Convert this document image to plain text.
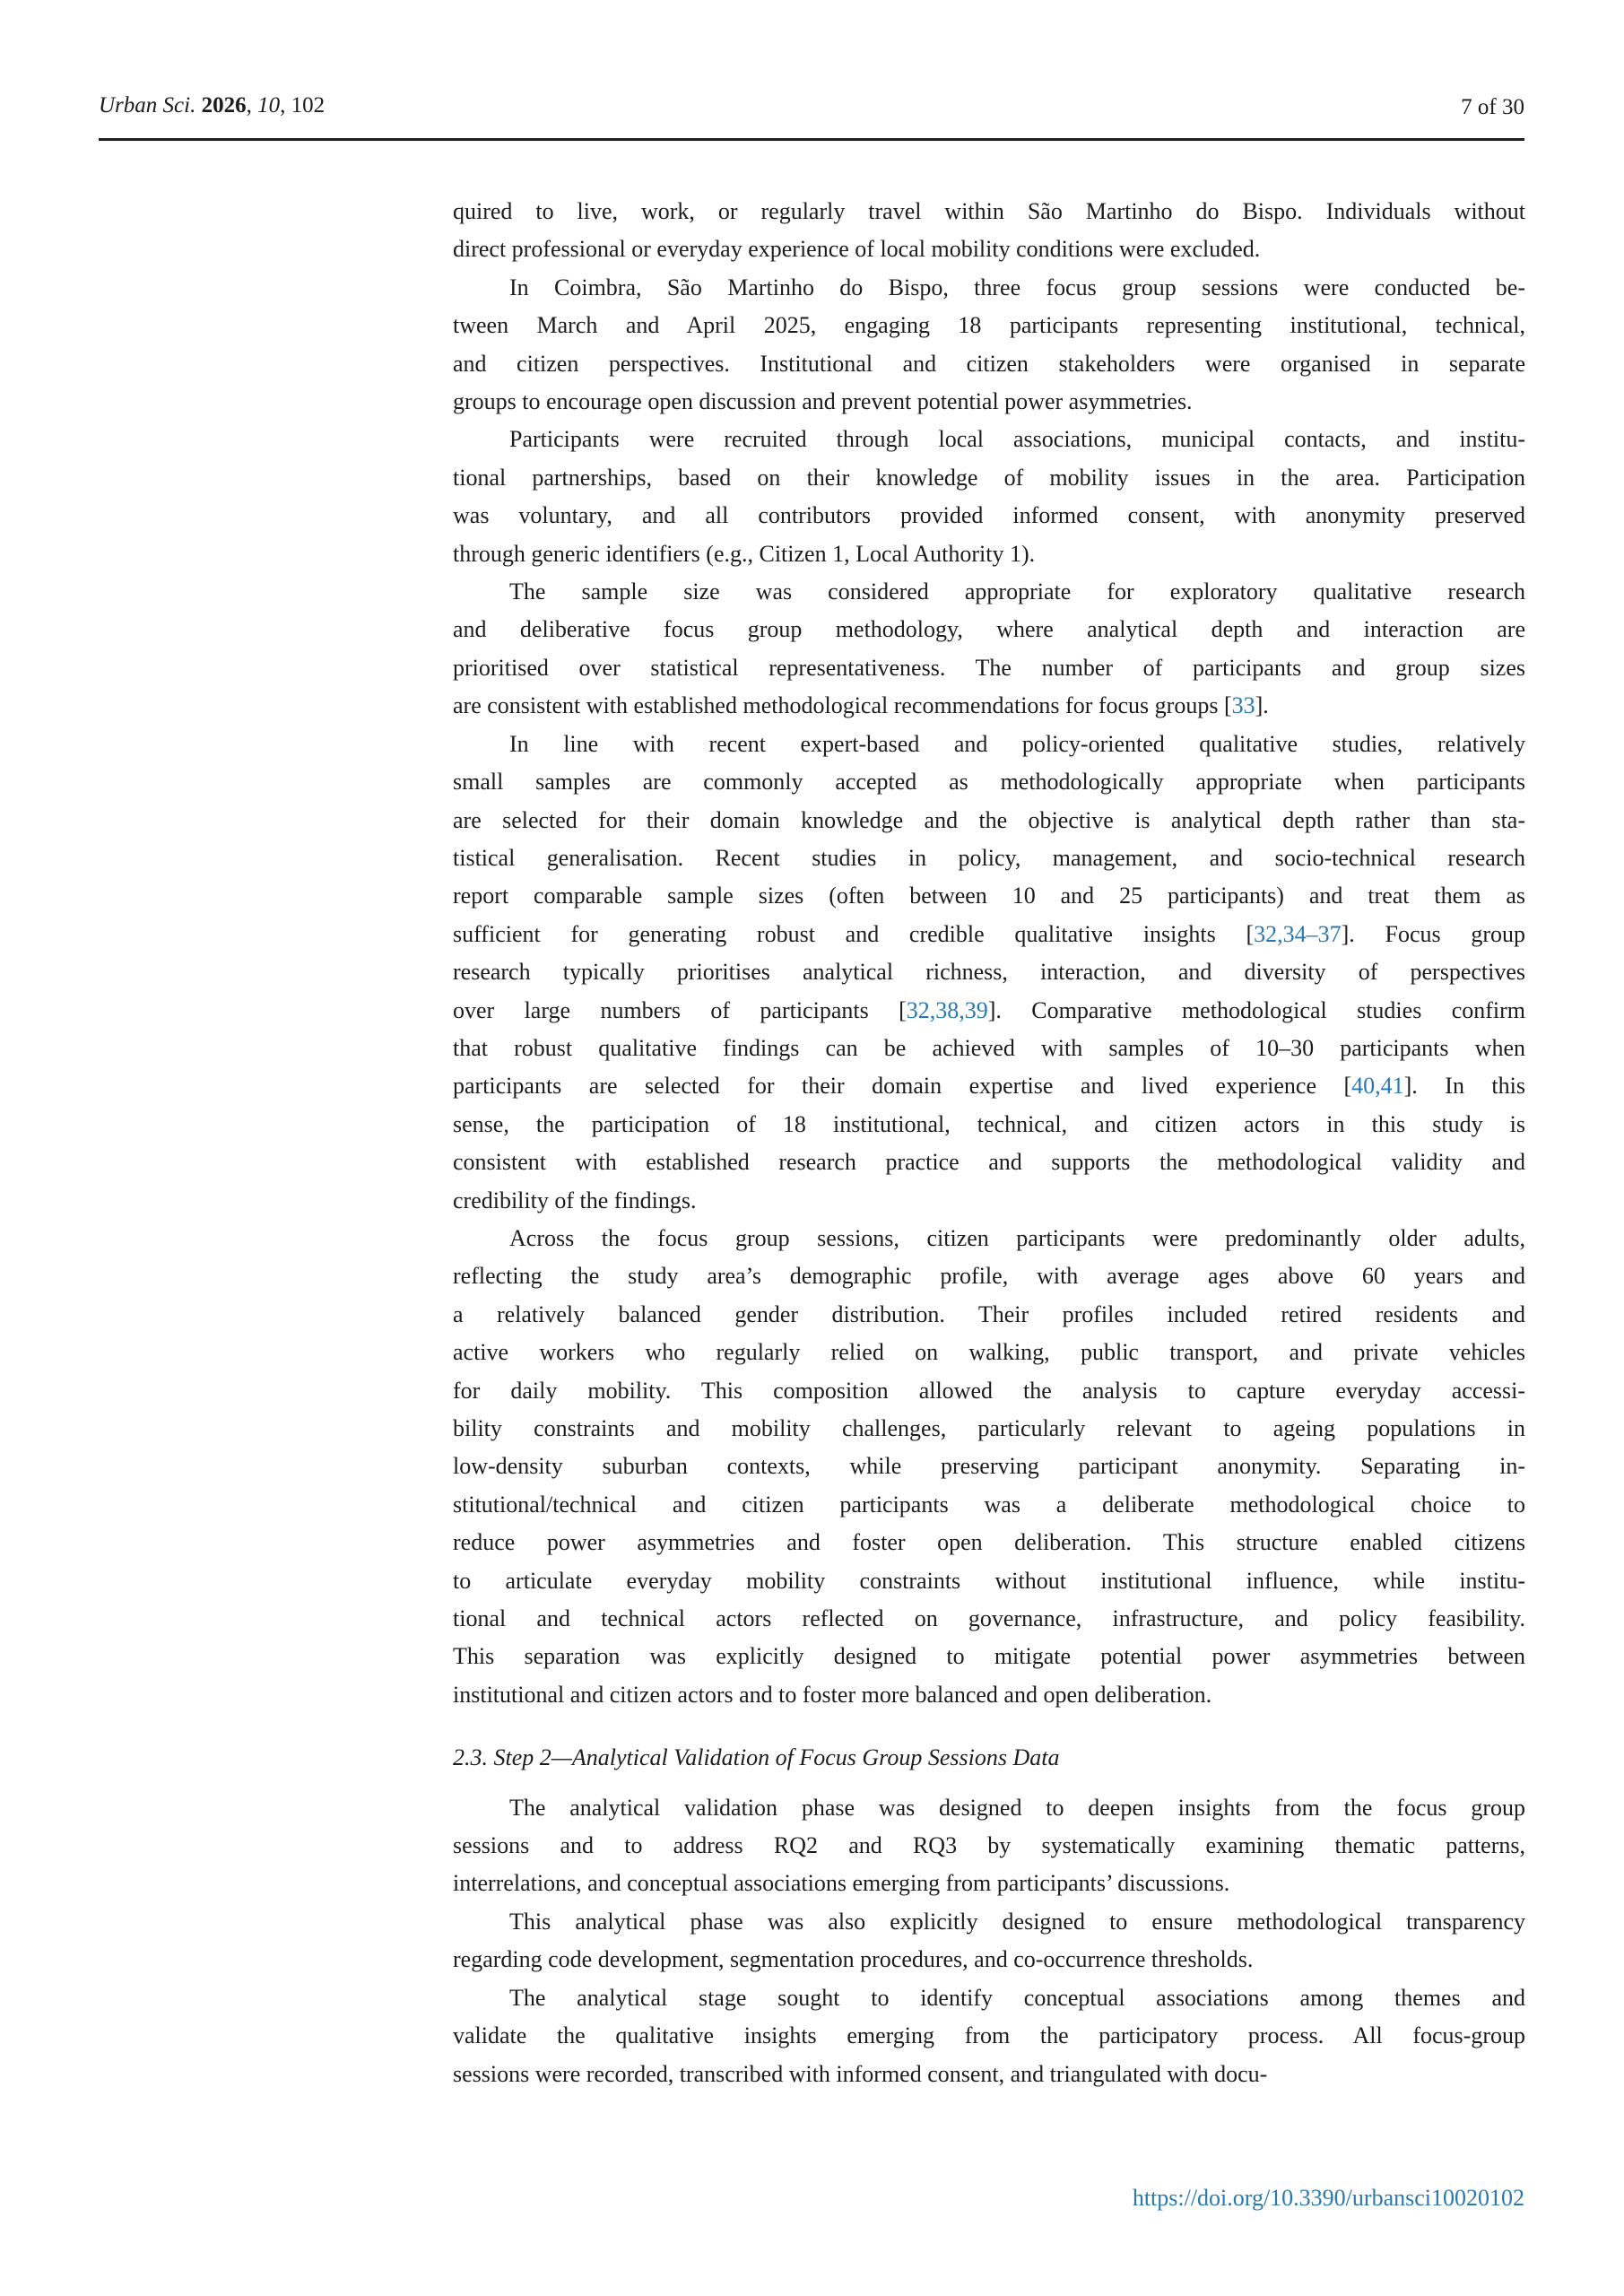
Urban Sci. 2026, 10, 102	7 of 30
quired to live, work, or regularly travel within São Martinho do Bispo. Individuals without
direct professional or everyday experience of local mobility conditions were excluded.
In Coimbra, São Martinho do Bispo, three focus group sessions were conducted be-
tween March and April 2025, engaging 18 participants representing institutional, technical,
and citizen perspectives. Institutional and citizen stakeholders were organised in separate
groups to encourage open discussion and prevent potential power asymmetries.
Participants were recruited through local associations, municipal contacts, and institu-
tional partnerships, based on their knowledge of mobility issues in the area. Participation
was voluntary, and all contributors provided informed consent, with anonymity preserved
through generic identifiers (e.g., Citizen 1, Local Authority 1).
The sample size was considered appropriate for exploratory qualitative research
and deliberative focus group methodology, where analytical depth and interaction are
prioritised over statistical representativeness. The number of participants and group sizes
are consistent with established methodological recommendations for focus groups [33].
In line with recent expert-based and policy-oriented qualitative studies, relatively
small samples are commonly accepted as methodologically appropriate when participants
are selected for their domain knowledge and the objective is analytical depth rather than sta-
tistical generalisation. Recent studies in policy, management, and socio-technical research
report comparable sample sizes (often between 10 and 25 participants) and treat them as
sufficient for generating robust and credible qualitative insights [32,34–37]. Focus group
research typically prioritises analytical richness, interaction, and diversity of perspectives
over large numbers of participants [32,38,39]. Comparative methodological studies confirm
that robust qualitative findings can be achieved with samples of 10–30 participants when
participants are selected for their domain expertise and lived experience [40,41]. In this
sense, the participation of 18 institutional, technical, and citizen actors in this study is
consistent with established research practice and supports the methodological validity and
credibility of the findings.
Across the focus group sessions, citizen participants were predominantly older adults,
reflecting the study area’s demographic profile, with average ages above 60 years and
a relatively balanced gender distribution. Their profiles included retired residents and
active workers who regularly relied on walking, public transport, and private vehicles
for daily mobility. This composition allowed the analysis to capture everyday accessi-
bility constraints and mobility challenges, particularly relevant to ageing populations in
low-density suburban contexts, while preserving participant anonymity. Separating in-
stitutional/technical and citizen participants was a deliberate methodological choice to
reduce power asymmetries and foster open deliberation. This structure enabled citizens
to articulate everyday mobility constraints without institutional influence, while institu-
tional and technical actors reflected on governance, infrastructure, and policy feasibility.
This separation was explicitly designed to mitigate potential power asymmetries between
institutional and citizen actors and to foster more balanced and open deliberation.
2.3. Step 2—Analytical Validation of Focus Group Sessions Data
The analytical validation phase was designed to deepen insights from the focus group
sessions and to address RQ2 and RQ3 by systematically examining thematic patterns,
interrelations, and conceptual associations emerging from participants’ discussions.
This analytical phase was also explicitly designed to ensure methodological transparency
regarding code development, segmentation procedures, and co-occurrence thresholds.
The analytical stage sought to identify conceptual associations among themes and
validate the qualitative insights emerging from the participatory process. All focus-group
sessions were recorded, transcribed with informed consent, and triangulated with docu-
https://doi.org/10.3390/urbansci10020102
